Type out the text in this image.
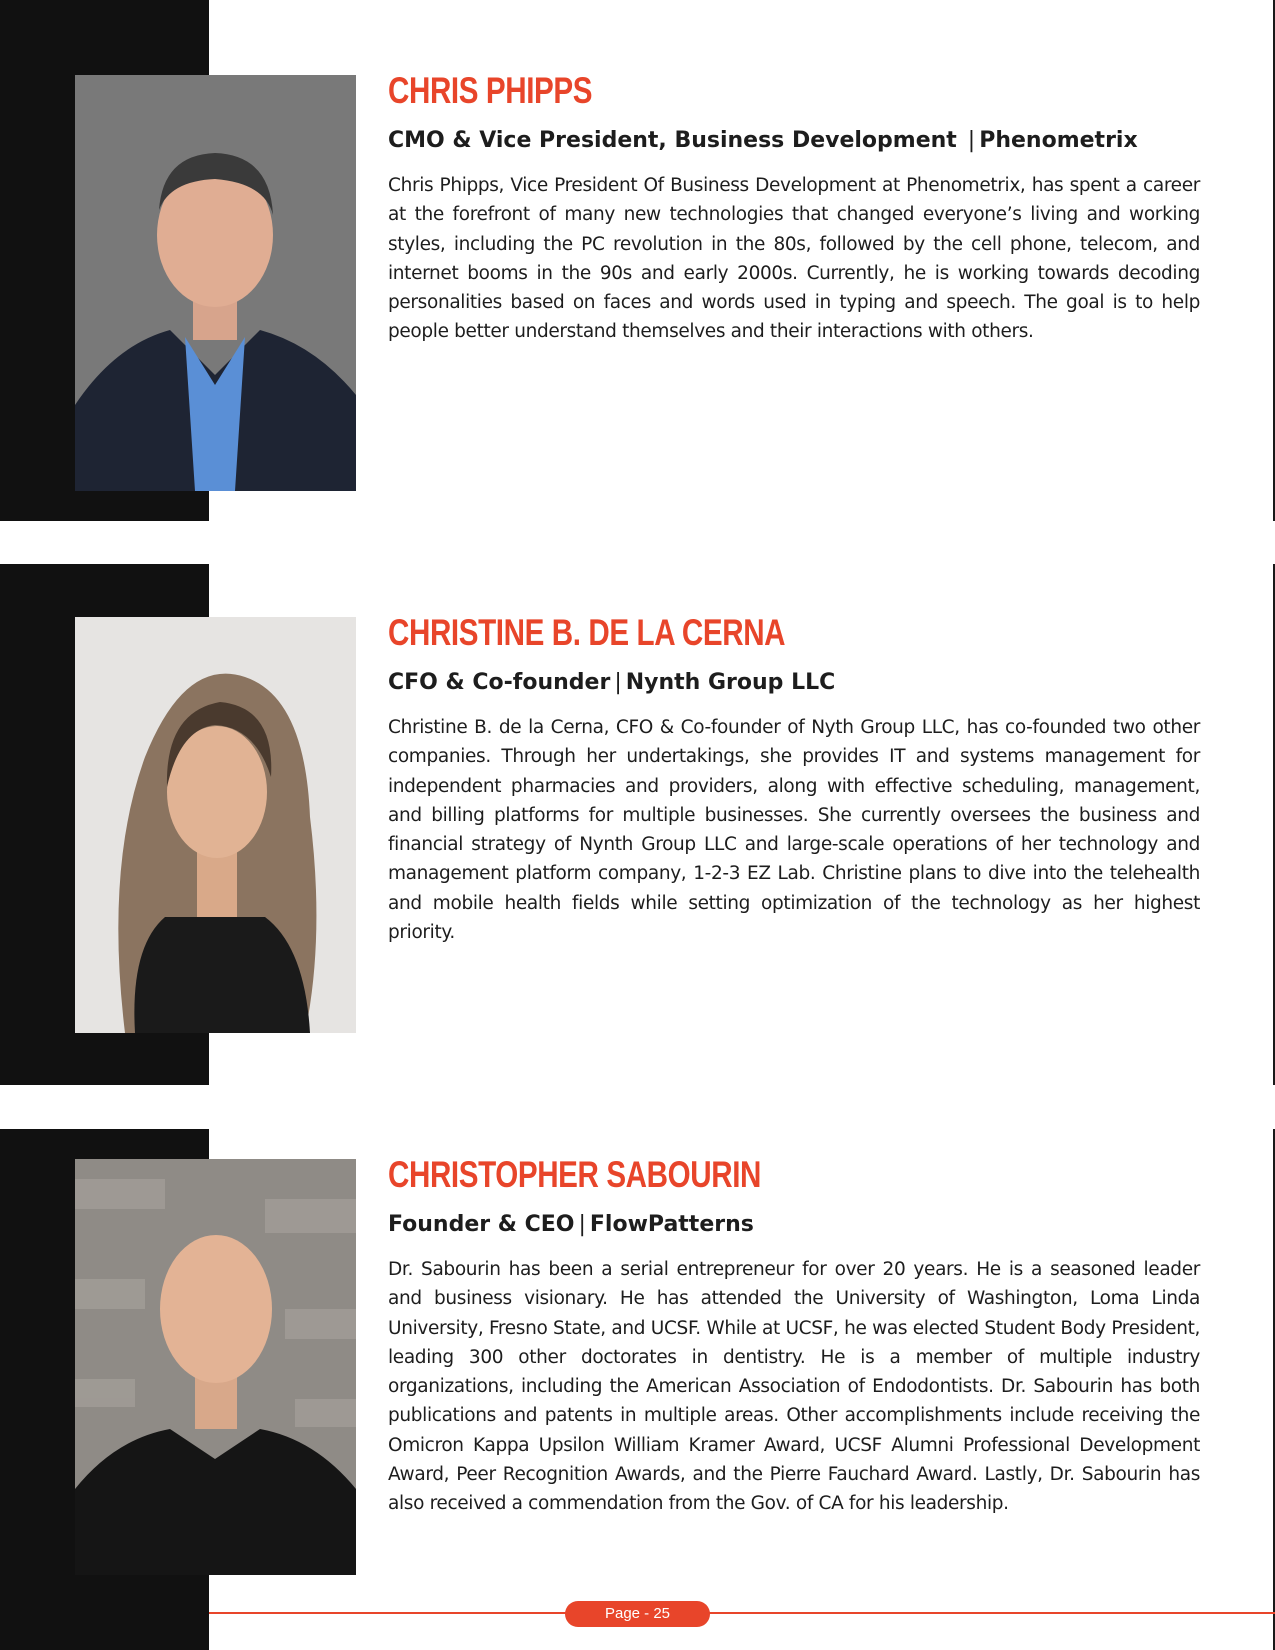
CHRIS PHIPPS
CMO & Vice President, Business Development | Phenometrix

Chris Phipps, Vice President Of Business Development at Phenometrix, has spent a career at the forefront of many new technologies that changed everyone’s living and working styles, including the PC revolution in the 80s, followed by the cell phone, telecom, and internet booms in the 90s and early 2000s. Currently, he is working towards decoding personalities based on faces and words used in typing and speech. The goal is to help people better understand themselves and their interactions with others.

CHRISTINE B. DE LA CERNA
CFO & Co-founder | Nynth Group LLC

Christine B. de la Cerna, CFO & Co-founder of Nyth Group LLC, has co-founded two other companies. Through her undertakings, she provides IT and systems management for independent pharmacies and providers, along with effective scheduling, management, and billing platforms for multiple businesses. She currently oversees the business and financial strategy of Nynth Group LLC and large-scale operations of her technology and management platform company, 1-2-3 EZ Lab. Christine plans to dive into the telehealth and mobile health fields while setting optimization of the technology as her highest priority.

CHRISTOPHER SABOURIN
Founder & CEO | FlowPatterns

Dr. Sabourin has been a serial entrepreneur for over 20 years. He is a seasoned leader and business visionary. He has attended the University of Washington, Loma Linda University, Fresno State, and UCSF. While at UCSF, he was elected Student Body President, leading 300 other doctorates in dentistry. He is a member of multiple industry organizations, including the American Association of Endodontists. Dr. Sabourin has both publications and patents in multiple areas. Other accomplishments include receiving the Omicron Kappa Upsilon William Kramer Award, UCSF Alumni Professional Development Award, Peer Recognition Awards, and the Pierre Fauchard Award. Lastly, Dr. Sabourin has also received a commendation from the Gov. of CA for his leadership.

Page - 25
